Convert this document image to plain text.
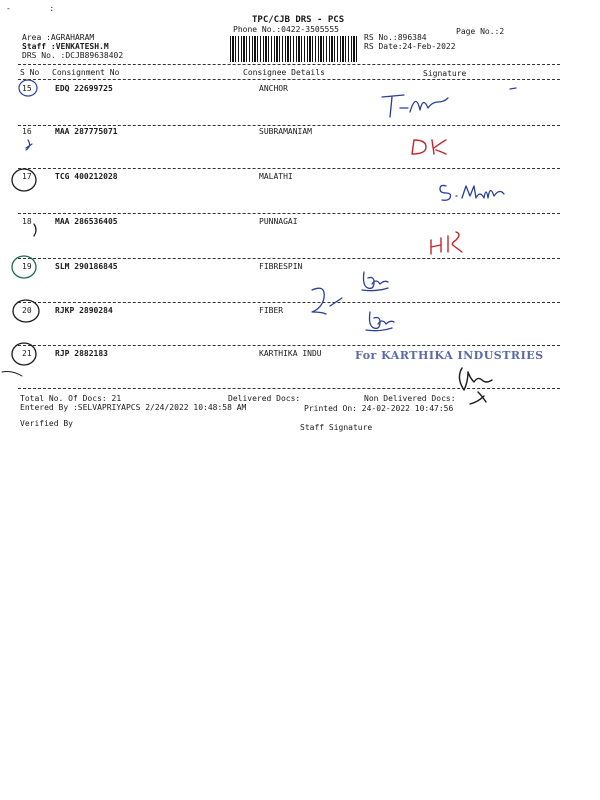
-        :
TPC/CJB DRS - PCS
Phone No.:0422-3505555	Page No.:2
Area :AGRAHARAM
Staff :VENKATESH.M
DRS No. :DCJB89638402
RS No.:896384
RS Date:24-Feb-2022
S No Consignment No	Consignee Details	Signature
15	EDQ 22699725	ANCHOR
16	MAA 287775071	SUBRAMANIAM
17	TCG 400212028	MALATHI
18	MAA 286536405	PUNNAGAI
19	SLM 290186845	FIBRESPIN
20	RJKP 2890284	FIBER
21	RJP 2882183	KARTHIKA INDU	For KARTHIKA INDUSTRIES
Total No. Of Docs: 21	Delivered Docs:	Non Delivered Docs:
Entered By :SELVAPRIYAPCS 2/24/2022 10:48:58 AM	Printed On: 24-02-2022 10:47:56
Verified By	Staff Signature
